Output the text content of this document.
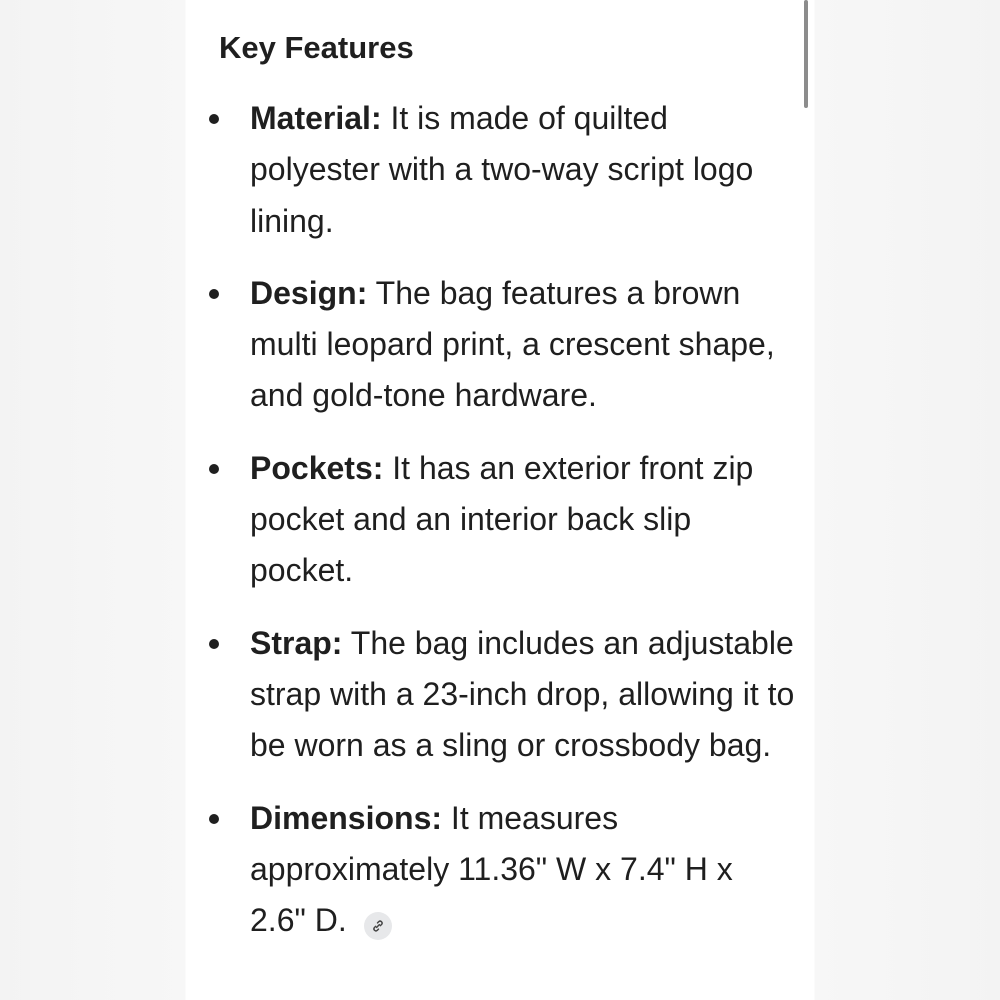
Key Features
Material: It is made of quilted polyester with a two-way script logo lining.
Design: The bag features a brown multi leopard print, a crescent shape, and gold-tone hardware.
Pockets: It has an exterior front zip pocket and an interior back slip pocket.
Strap: The bag includes an adjustable strap with a 23-inch drop, allowing it to be worn as a sling or crossbody bag.
Dimensions: It measures approximately 11.36" W x 7.4" H x 2.6" D.
